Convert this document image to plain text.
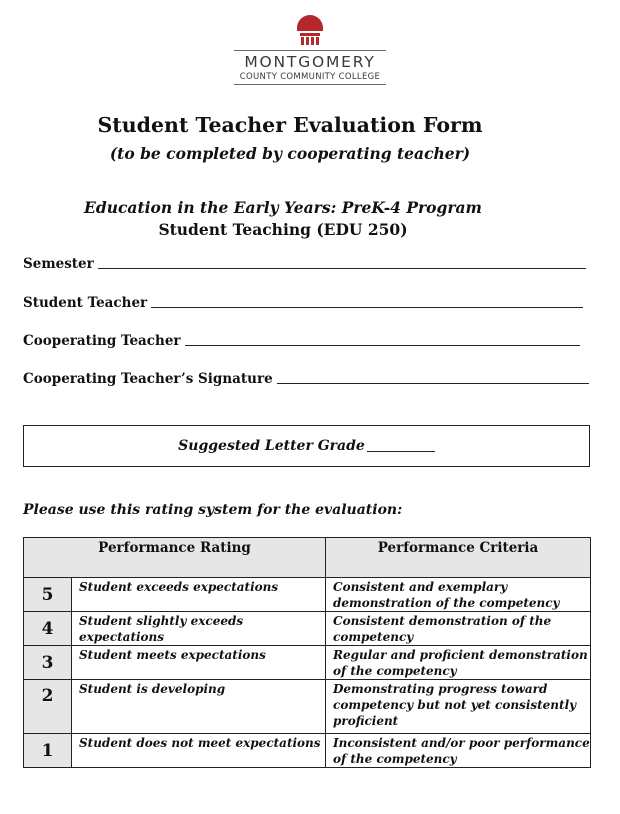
MONTGOMERY
COUNTY COMMUNITY COLLEGE
Student Teacher Evaluation Form
(to be completed by cooperating teacher)
Education in the Early Years: PreK-4 Program
Student Teaching (EDU 250)
Semester
Student Teacher
Cooperating Teacher
Cooperating Teacher’s Signature
Suggested Letter Grade
Please use this rating system for the evaluation:
Performance Rating		Performance Criteria
5	Student exceeds expectations	Consistent and exemplary demonstration of the competency
4	Student slightly exceeds expectations	Consistent demonstration of the competency
3	Student meets expectations	Regular and proficient demonstration of the competency
2	Student is developing	Demonstrating progress toward competency but not yet consistently proficient
1	Student does not meet expectations	Inconsistent and/or poor performance of the competency
